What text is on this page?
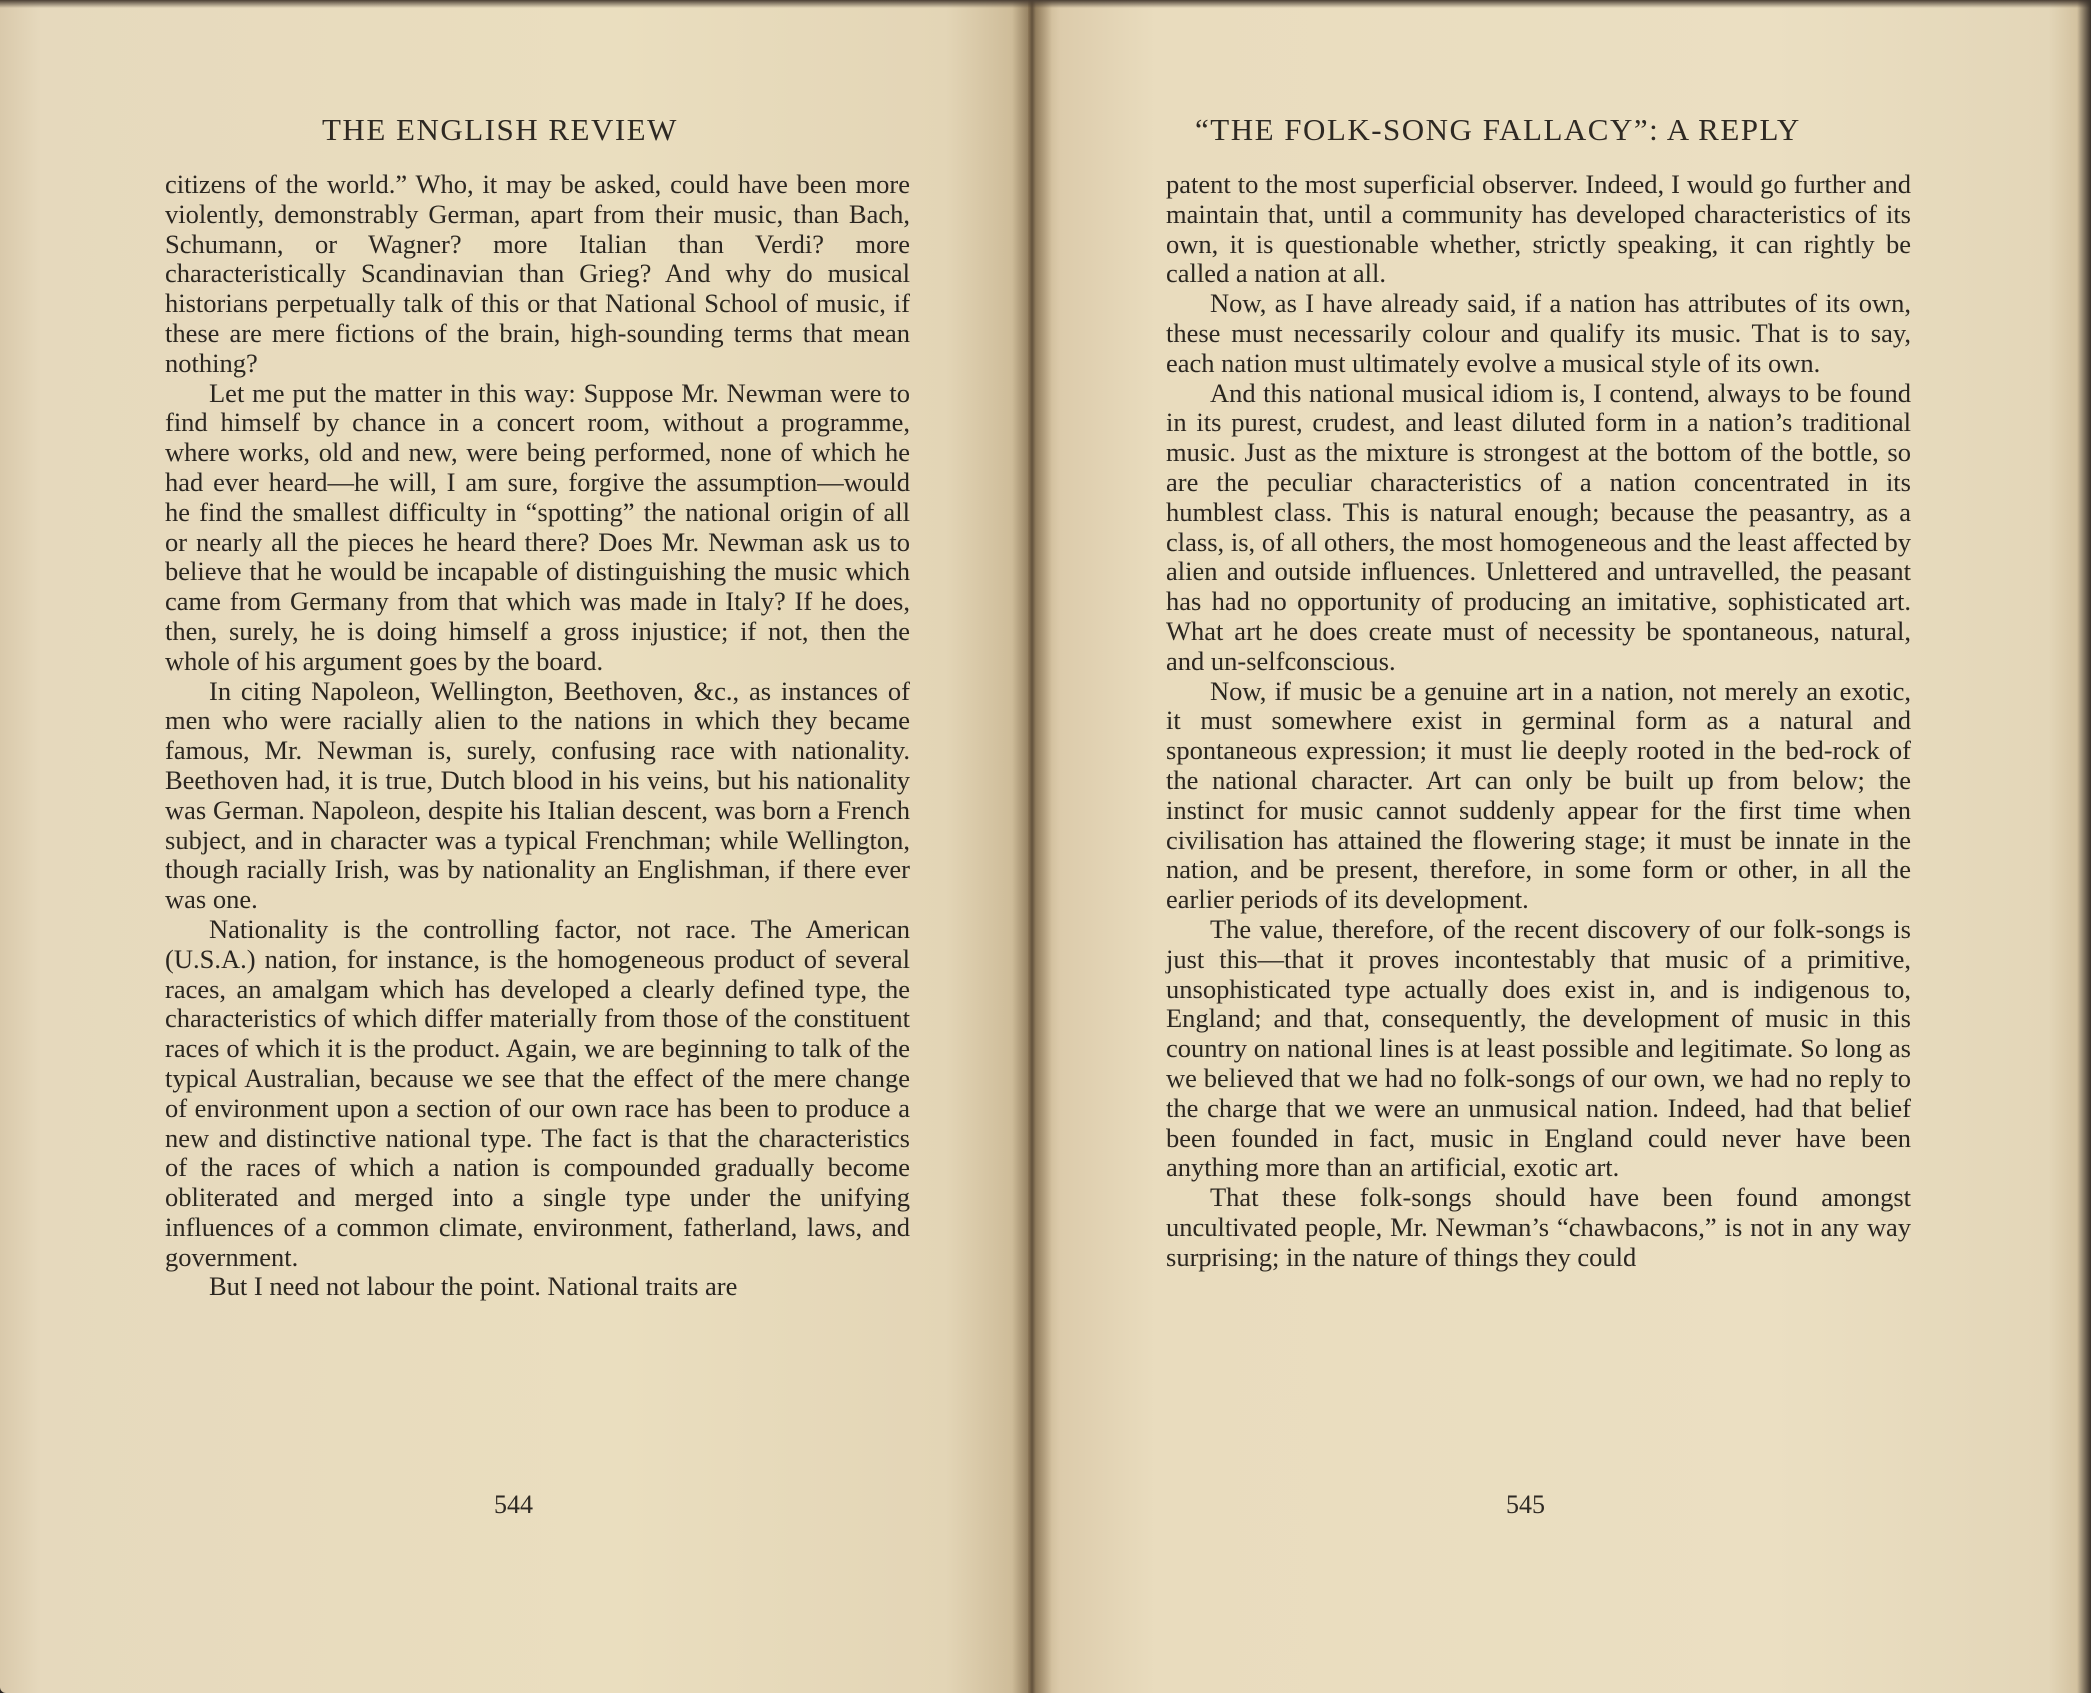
THE ENGLISH REVIEW

citizens of the world.” Who, it may be asked, could have been more violently, demonstrably German, apart from their music, than Bach, Schumann, or Wagner? more Italian than Verdi? more characteristically Scandinavian than Grieg? And why do musical historians perpetually talk of this or that National School of music, if these are mere fictions of the brain, high-sounding terms that mean nothing?

Let me put the matter in this way: Suppose Mr. Newman were to find himself by chance in a concert room, without a programme, where works, old and new, were being performed, none of which he had ever heard—he will, I am sure, forgive the assumption—would he find the smallest difficulty in “spotting” the national origin of all or nearly all the pieces he heard there? Does Mr. Newman ask us to believe that he would be incapable of distinguishing the music which came from Germany from that which was made in Italy? If he does, then, surely, he is doing himself a gross injustice; if not, then the whole of his argument goes by the board.

In citing Napoleon, Wellington, Beethoven, &c., as instances of men who were racially alien to the nations in which they became famous, Mr. Newman is, surely, confusing race with nationality. Beethoven had, it is true, Dutch blood in his veins, but his nationality was German. Napoleon, despite his Italian descent, was born a French subject, and in character was a typical Frenchman; while Wellington, though racially Irish, was by nationality an Englishman, if there ever was one.

Nationality is the controlling factor, not race. The American (U.S.A.) nation, for instance, is the homogeneous product of several races, an amalgam which has developed a clearly defined type, the characteristics of which differ materially from those of the constituent races of which it is the product. Again, we are beginning to talk of the typical Australian, because we see that the effect of the mere change of environment upon a section of our own race has been to produce a new and distinctive national type. The fact is that the characteristics of the races of which a nation is compounded gradually become obliterated and merged into a single type under the unifying influences of a common climate, environment, fatherland, laws, and government.

But I need not labour the point. National traits are

544
“THE FOLK-SONG FALLACY”: A REPLY

patent to the most superficial observer. Indeed, I would go further and maintain that, until a community has developed characteristics of its own, it is questionable whether, strictly speaking, it can rightly be called a nation at all.

Now, as I have already said, if a nation has attributes of its own, these must necessarily colour and qualify its music. That is to say, each nation must ultimately evolve a musical style of its own.

And this national musical idiom is, I contend, always to be found in its purest, crudest, and least diluted form in a nation’s traditional music. Just as the mixture is strongest at the bottom of the bottle, so are the peculiar characteristics of a nation concentrated in its humblest class. This is natural enough; because the peasantry, as a class, is, of all others, the most homogeneous and the least affected by alien and outside influences. Unlettered and untravelled, the peasant has had no opportunity of producing an imitative, sophisticated art. What art he does create must of necessity be spontaneous, natural, and un-selfconscious.

Now, if music be a genuine art in a nation, not merely an exotic, it must somewhere exist in germinal form as a natural and spontaneous expression; it must lie deeply rooted in the bed-rock of the national character. Art can only be built up from below; the instinct for music cannot suddenly appear for the first time when civilisation has attained the flowering stage; it must be innate in the nation, and be present, therefore, in some form or other, in all the earlier periods of its development.

The value, therefore, of the recent discovery of our folk-songs is just this—that it proves incontestably that music of a primitive, unsophisticated type actually does exist in, and is indigenous to, England; and that, consequently, the development of music in this country on national lines is at least possible and legitimate. So long as we believed that we had no folk-songs of our own, we had no reply to the charge that we were an unmusical nation. Indeed, had that belief been founded in fact, music in England could never have been anything more than an artificial, exotic art.

That these folk-songs should have been found amongst uncultivated people, Mr. Newman’s “chawbacons,” is not in any way surprising; in the nature of things they could

545
